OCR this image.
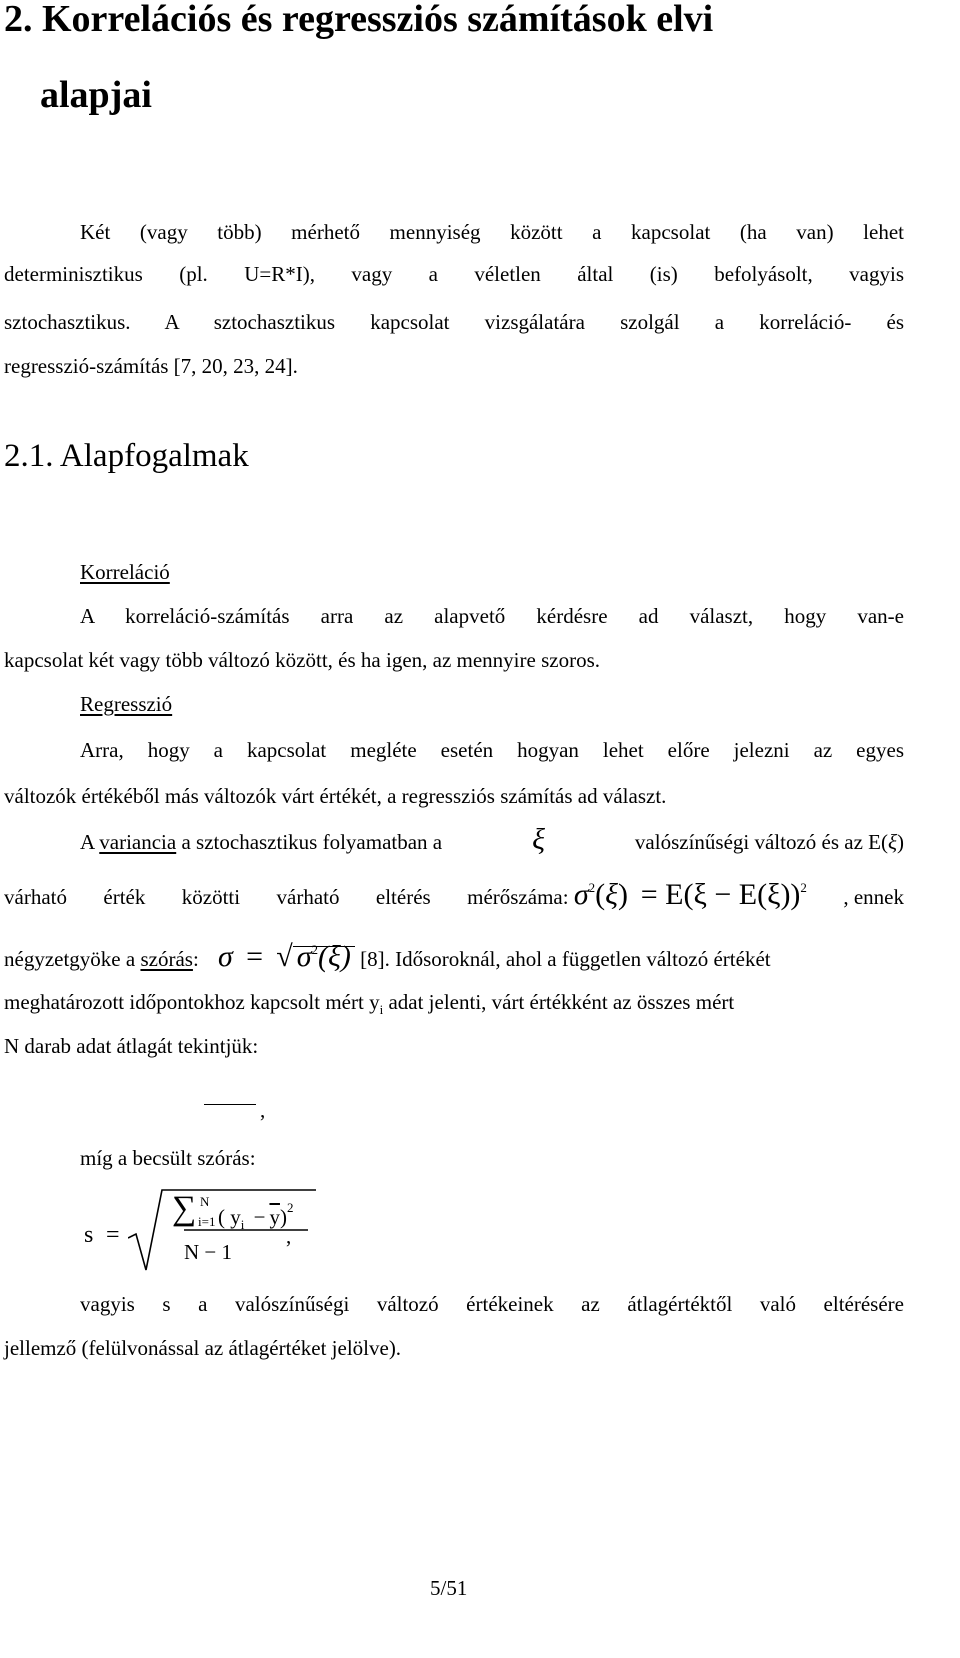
2. Korrelációs és regressziós számítások elvi
alapjai
Két (vagy több) mérhető mennyiség között a kapcsolat (ha van) lehet
determinisztikus (pl. U=R*I), vagy a véletlen által (is) befolyásolt, vagyis
sztochasztikus. A sztochasztikus kapcsolat vizsgálatára szolgál a korreláció- és
regresszió-számítás [7, 20, 23, 24].
2.1. Alapfogalmak
Korreláció
A korreláció-számítás arra az alapvető kérdésre ad választ, hogy van-e
kapcsolat két vagy több változó között, és ha igen, az mennyire szoros.
Regresszió
Arra, hogy a kapcsolat megléte esetén hogyan lehet előre jelezni az egyes
változók értékéből más változók várt értékét, a regressziós számítás ad választ.
A variancia a sztochasztikus folyamatban a	ξ	valószínűségi változó és az E(ξ)
várható érték közötti várható eltérés mérőszáma: $\sigma^2(\xi) = E(\xi - E(\xi))^2$ , ennek
négyzetgyöke a szórás: σ = √ $\sigma^2(\xi)$ [8]. Idősoroknál, ahol a független változó értékét
meghatározott időpontokhoz kapcsolt mért $y_i$ adat jelenti, várt értékként az összes mért
N darab adat átlagát tekintjük:
,
míg a becsült szórás:
s =
∑ N
i=1 ( $y_i - \overline{y})^2$
N − 1
,
vagyis s a valószínűségi változó értékeinek az átlagértéktől való eltérésére
jellemző (felülvonással az átlagértéket jelölve).
5/51
